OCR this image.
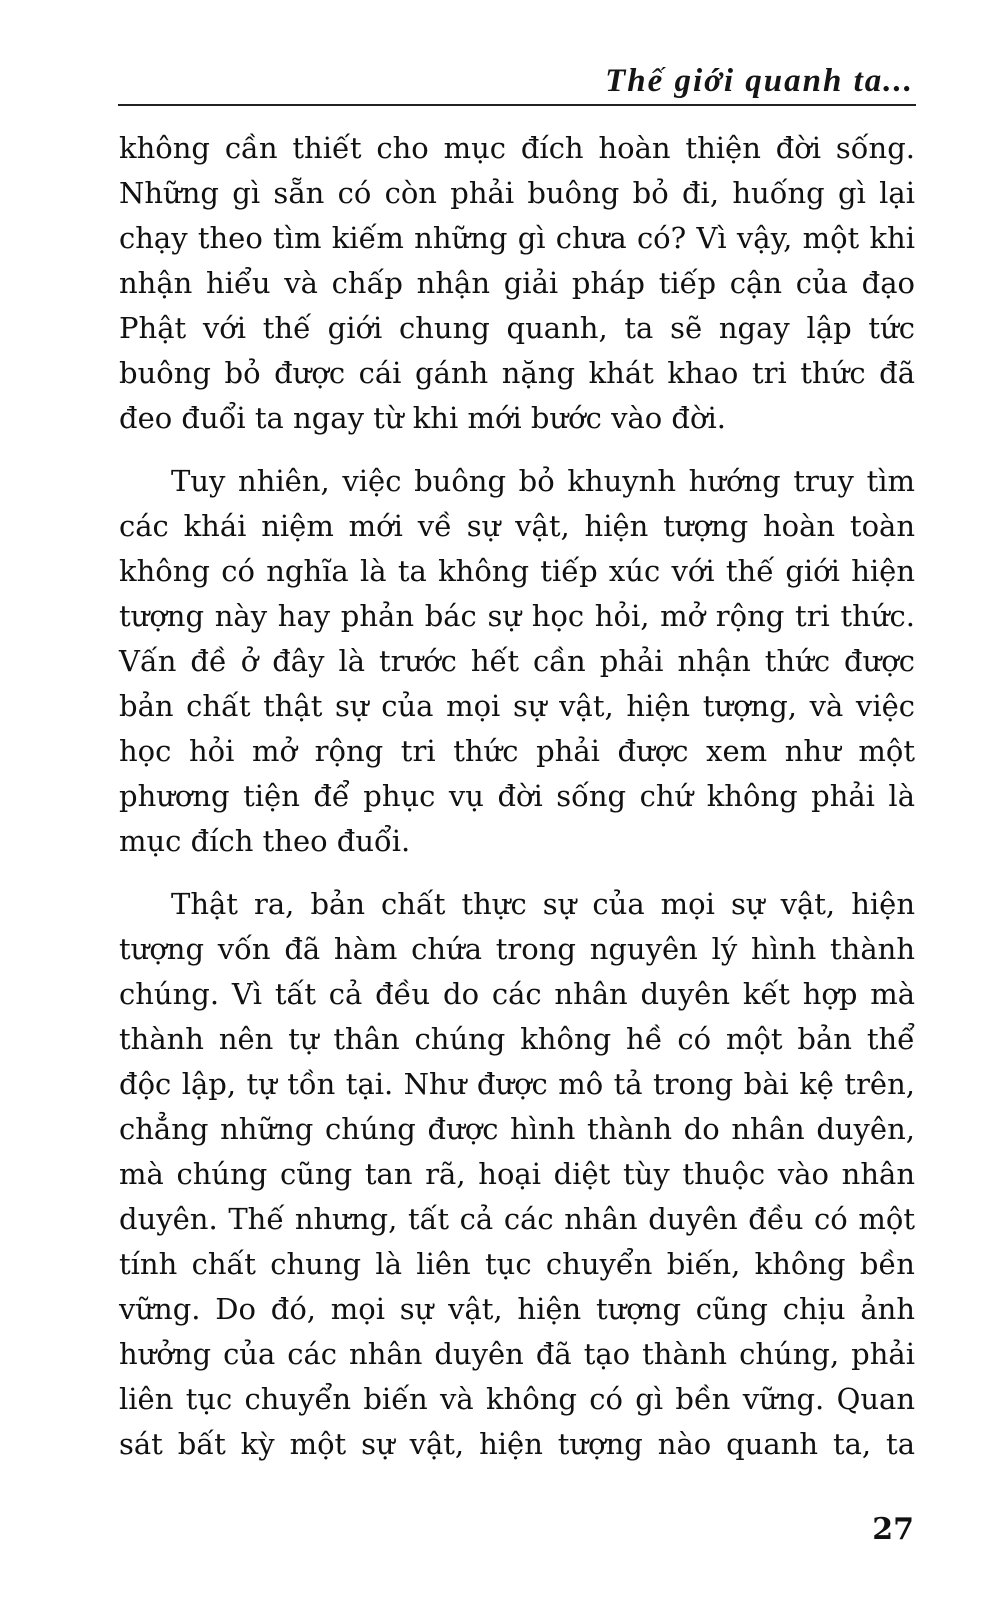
Thế giới quanh ta...

không cần thiết cho mục đích hoàn thiện đời sống. Những gì sẵn có còn phải buông bỏ đi, huống gì lại chạy theo tìm kiếm những gì chưa có? Vì vậy, một khi nhận hiểu và chấp nhận giải pháp tiếp cận của đạo Phật với thế giới chung quanh, ta sẽ ngay lập tức buông bỏ được cái gánh nặng khát khao tri thức đã đeo đuổi ta ngay từ khi mới bước vào đời.

Tuy nhiên, việc buông bỏ khuynh hướng truy tìm các khái niệm mới về sự vật, hiện tượng hoàn toàn không có nghĩa là ta không tiếp xúc với thế giới hiện tượng này hay phản bác sự học hỏi, mở rộng tri thức. Vấn đề ở đây là trước hết cần phải nhận thức được bản chất thật sự của mọi sự vật, hiện tượng, và việc học hỏi mở rộng tri thức phải được xem như một phương tiện để phục vụ đời sống chứ không phải là mục đích theo đuổi.

Thật ra, bản chất thực sự của mọi sự vật, hiện tượng vốn đã hàm chứa trong nguyên lý hình thành chúng. Vì tất cả đều do các nhân duyên kết hợp mà thành nên tự thân chúng không hề có một bản thể độc lập, tự tồn tại. Như được mô tả trong bài kệ trên, chẳng những chúng được hình thành do nhân duyên, mà chúng cũng tan rã, hoại diệt tùy thuộc vào nhân duyên. Thế nhưng, tất cả các nhân duyên đều có một tính chất chung là liên tục chuyển biến, không bền vững. Do đó, mọi sự vật, hiện tượng cũng chịu ảnh hưởng của các nhân duyên đã tạo thành chúng, phải liên tục chuyển biến và không có gì bền vững. Quan sát bất kỳ một sự vật, hiện tượng nào quanh ta, ta

27
